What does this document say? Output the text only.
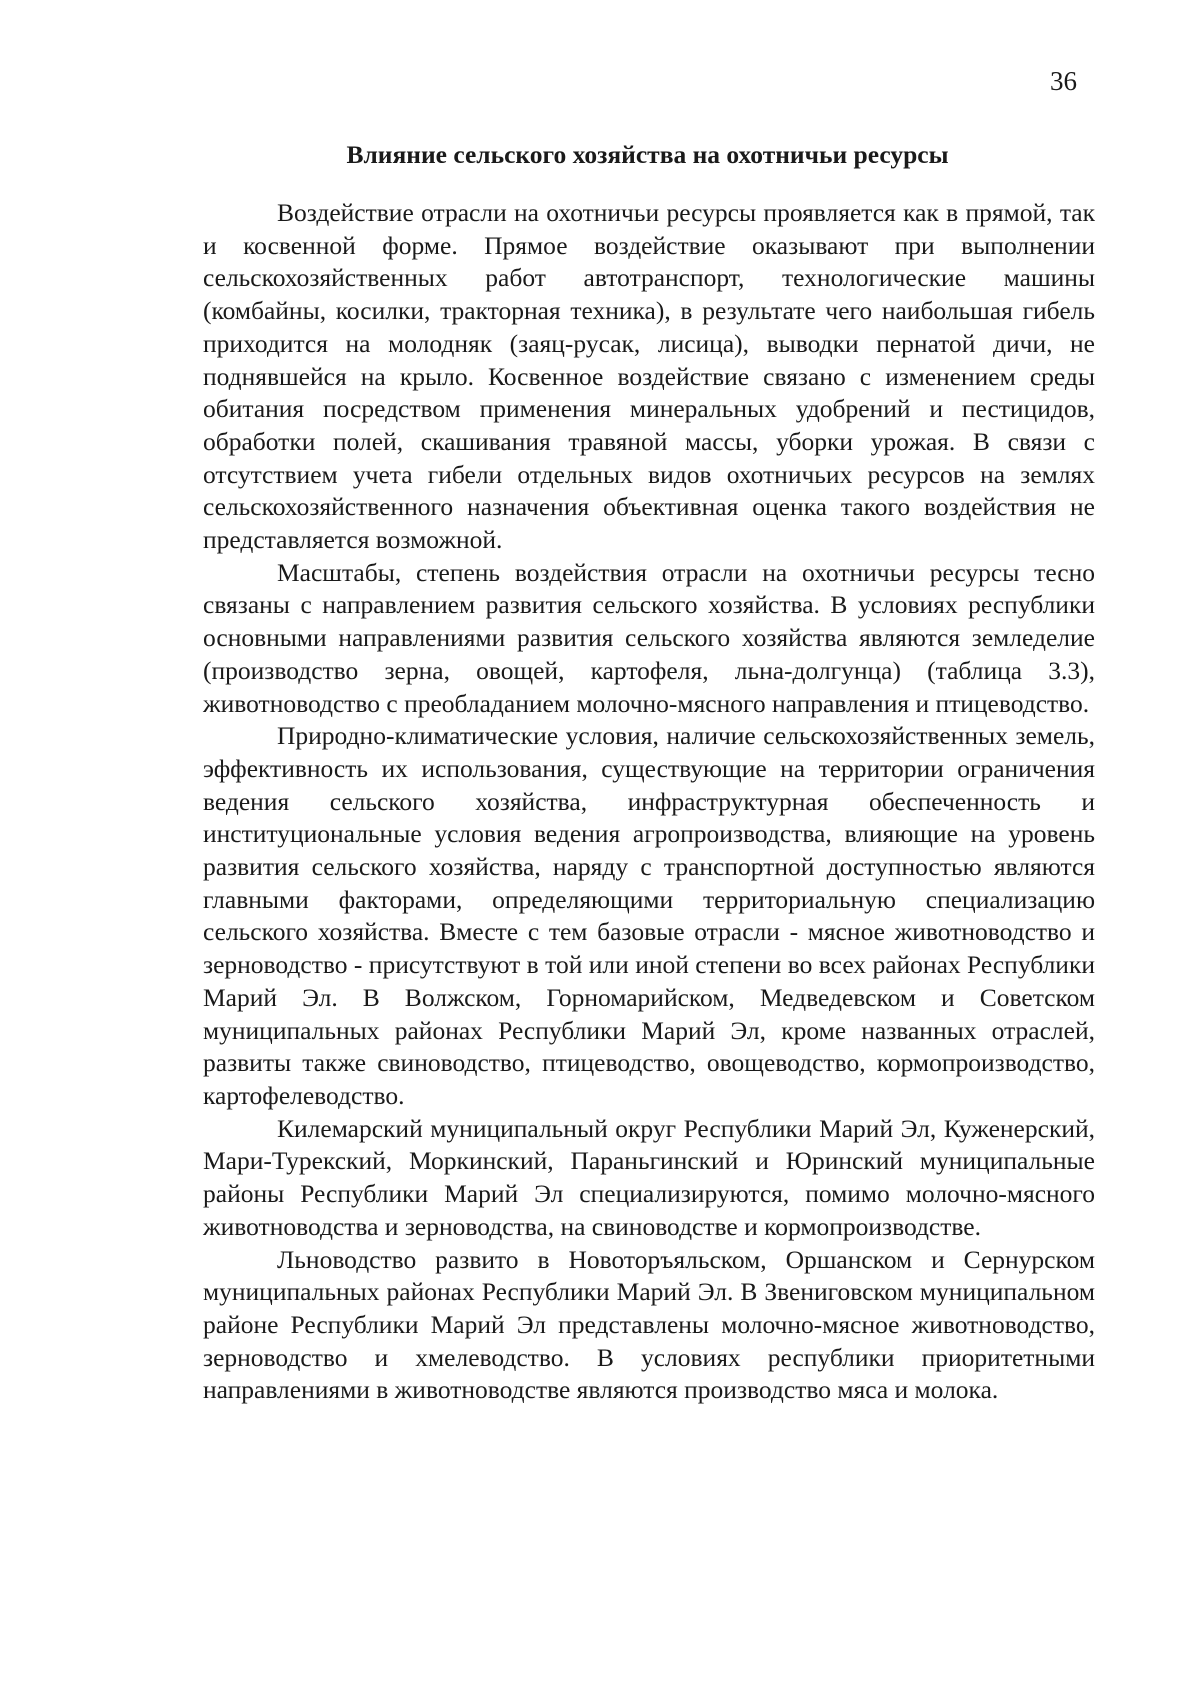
36
Влияние сельского хозяйства на охотничьи ресурсы

Воздействие отрасли на охотничьи ресурсы проявляется как в прямой, так и косвенной форме. Прямое воздействие оказывают при выполнении сельскохозяйственных работ автотранспорт, технологические машины (комбайны, косилки, тракторная техника), в результате чего наибольшая гибель приходится на молодняк (заяц-русак, лисица), выводки пернатой дичи, не поднявшейся на крыло. Косвенное воздействие связано с изменением среды обитания посредством применения минеральных удобрений и пестицидов, обработки полей, скашивания травяной массы, уборки урожая. В связи с отсутствием учета гибели отдельных видов охотничьих ресурсов на землях сельскохозяйственного назначения объективная оценка такого воздействия не представляется возможной.

Масштабы, степень воздействия отрасли на охотничьи ресурсы тесно связаны с направлением развития сельского хозяйства. В условиях республики основными направлениями развития сельского хозяйства являются земледелие (производство зерна, овощей, картофеля, льна-долгунца) (таблица 3.3), животноводство с преобладанием молочно-мясного направления и птицеводство.

Природно-климатические условия, наличие сельскохозяйственных земель, эффективность их использования, существующие на территории ограничения ведения сельского хозяйства, инфраструктурная обеспеченность и институциональные условия ведения агропроизводства, влияющие на уровень развития сельского хозяйства, наряду с транспортной доступностью являются главными факторами, определяющими территориальную специализацию сельского хозяйства. Вместе с тем базовые отрасли - мясное животноводство и зерноводство - присутствуют в той или иной степени во всех районах Республики Марий Эл. В Волжском, Горномарийском, Медведевском и Советском муниципальных районах Республики Марий Эл, кроме названных отраслей, развиты также свиноводство, птицеводство, овощеводство, кормопроизводство, картофелеводство.

Килемарский муниципальный округ Республики Марий Эл, Куженерский, Мари-Турекский, Моркинский, Параньгинский и Юринский муниципальные районы Республики Марий Эл специализируются, помимо молочно-мясного животноводства и зерноводства, на свиноводстве и кормопроизводстве.

Льноводство развито в Новоторъяльском, Оршанском и Сернурском муниципальных районах Республики Марий Эл. В Звениговском муниципальном районе Республики Марий Эл представлены молочно-мясное животноводство, зерноводство и хмелеводство. В условиях республики приоритетными направлениями в животноводстве являются производство мяса и молока.
